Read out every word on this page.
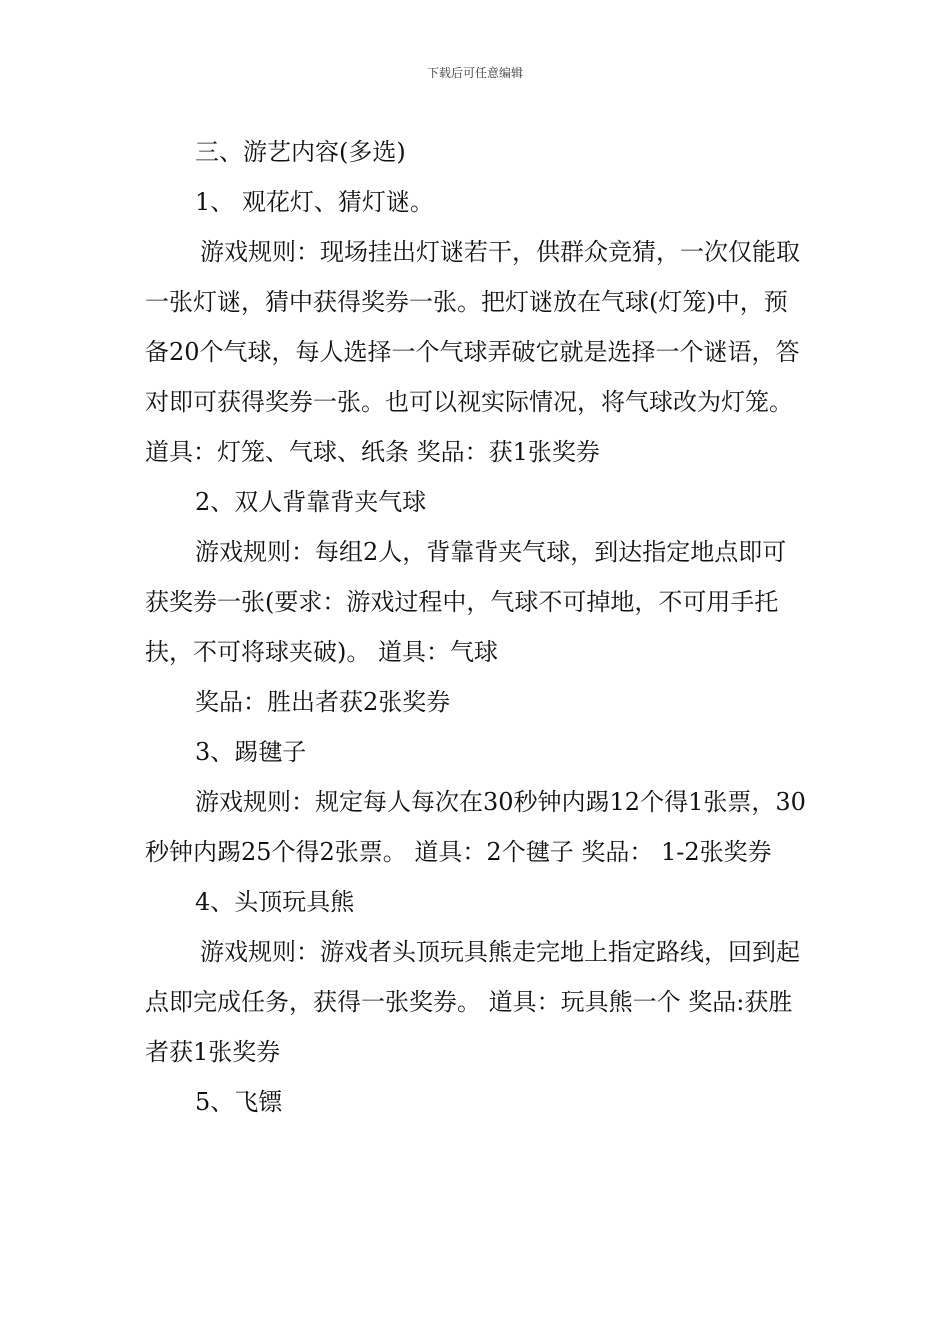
下载后可任意编辑

三、游艺内容(多选)

1、 观花灯、猜灯谜。

游戏规则：现场挂出灯谜若干，供群众竞猜，一次仅能取一张灯谜，猜中获得奖券一张。把灯谜放在气球(灯笼)中，预备20个气球，每人选择一个气球弄破它就是选择一个谜语，答对即可获得奖券一张。也可以视实际情况，将气球改为灯笼。 道具：灯笼、气球、纸条 奖品：获1张奖券

2、双人背靠背夹气球

游戏规则：每组2人，背靠背夹气球，到达指定地点即可获奖券一张(要求：游戏过程中，气球不可掉地，不可用手托扶，不可将球夹破)。 道具：气球

奖品：胜出者获2张奖券

3、踢毽子

游戏规则：规定每人每次在30秒钟内踢12个得1张票，30秒钟内踢25个得2张票。 道具：2个毽子 奖品： 1-2张奖券

4、头顶玩具熊

游戏规则：游戏者头顶玩具熊走完地上指定路线，回到起点即完成任务，获得一张奖券。 道具：玩具熊一个 奖品:获胜者获1张奖券

5、飞镖
